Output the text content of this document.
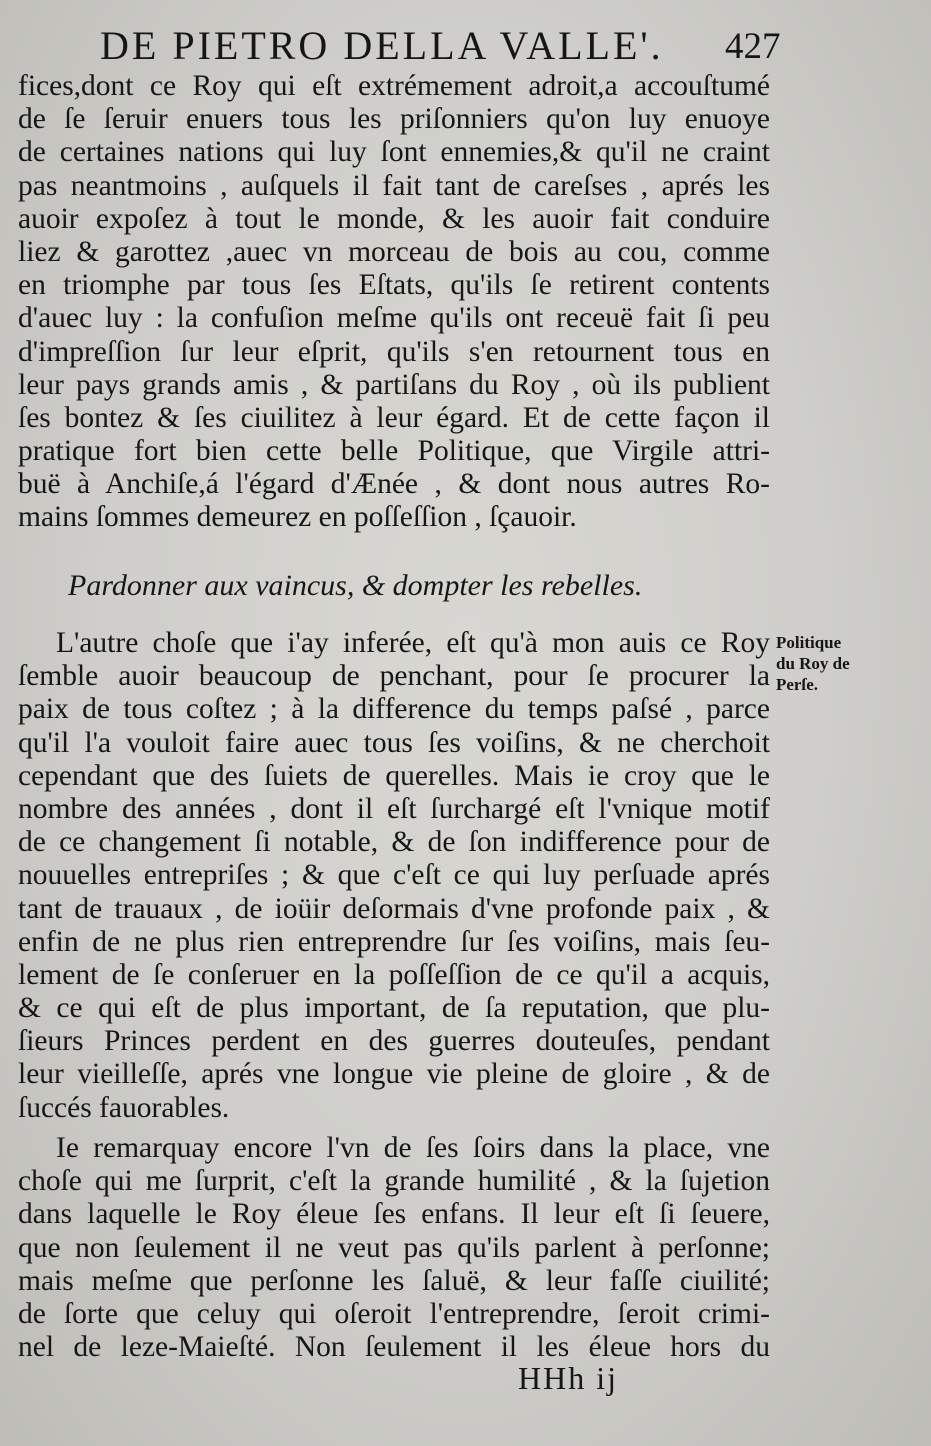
DE PIETRO DELLA VALLE'.	427
fices,dont ce Roy qui eſt extrémement adroit,a accouſtumé
de ſe ſeruir enuers tous les priſonniers qu'on luy enuoye
de certaines nations qui luy ſont ennemies,& qu'il ne craint
pas neantmoins , auſquels il fait tant de careſses , aprés les
auoir expoſez à tout le monde, & les auoir fait conduire
liez & garottez ,auec vn morceau de bois au cou, comme
en triomphe par tous ſes Eſtats, qu'ils ſe retirent contents
d'auec luy : la confuſion meſme qu'ils ont receuë fait ſi peu
d'impreſſion ſur leur eſprit, qu'ils s'en retournent tous en
leur pays grands amis , & partiſans du Roy , où ils publient
ſes bontez & ſes ciuilitez à leur égard. Et de cette façon il
pratique fort bien cette belle Politique, que Virgile attri-
buë à Anchiſe,á l'égard d'Ænée , & dont nous autres Ro-
mains ſommes demeurez en poſſeſſion , ſçauoir.
Pardonner aux vaincus, & dompter les rebelles.
L'autre choſe que i'ay inferée, eſt qu'à mon auis ce Roy
ſemble auoir beaucoup de penchant, pour ſe procurer la
paix de tous coſtez ; à la difference du temps paſsé , parce
qu'il l'a vouloit faire auec tous ſes voiſins, & ne cherchoit
cependant que des ſuiets de querelles. Mais ie croy que le
nombre des années , dont il eſt ſurchargé eſt l'vnique motif
de ce changement ſi notable, & de ſon indifference pour de
nouuelles entrepriſes ; & que c'eſt ce qui luy perſuade aprés
tant de trauaux , de ioüir deſormais d'vne profonde paix , &
enfin de ne plus rien entreprendre ſur ſes voiſins, mais ſeu-
lement de ſe conſeruer en la poſſeſſion de ce qu'il a acquis,
& ce qui eſt de plus important, de ſa reputation, que plu-
ſieurs Princes perdent en des guerres douteuſes, pendant
leur vieilleſſe, aprés vne longue vie pleine de gloire , & de
ſuccés fauorables.
Politique
du Roy de
Perſe.
Ie remarquay encore l'vn de ſes ſoirs dans la place, vne
choſe qui me ſurprit, c'eſt la grande humilité , & la ſujetion
dans laquelle le Roy éleue ſes enfans. Il leur eſt ſi ſeuere,
que non ſeulement il ne veut pas qu'ils parlent à perſonne;
mais meſme que perſonne les ſaluë, & leur faſſe ciuilité;
de ſorte que celuy qui oſeroit l'entreprendre, ſeroit crimi-
nel de leze-Maieſté. Non ſeulement il les éleue hors du
HHh ij
